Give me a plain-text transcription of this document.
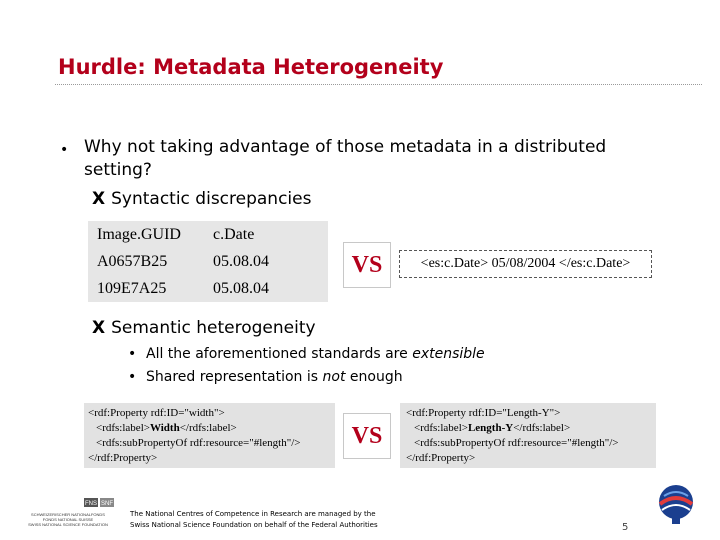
Hurdle: Metadata Heterogeneity
• Why not taking advantage of those metadata in a distributed setting?
X Syntactic discrepancies
Image.GUID	c.Date
A0657B25	05.08.04
109E7A25	05.08.04
VS	<es:c.Date> 05/08/2004 </es:c.Date>
X Semantic heterogeneity
• All the aforementioned standards are extensible
• Shared representation is not enough
<rdf:Property rdf:ID="width">
<rdfs:label>Width</rdfs:label>
<rdfs:subPropertyOf rdf:resource="#length"/>
</rdf:Property>
VS
<rdf:Property rdf:ID="Length-Y">
<rdfs:label>Length-Y</rdfs:label>
<rdfs:subPropertyOf rdf:resource="#length"/>
</rdf:Property>
FNS SNF
SCHWEIZERISCHER NATIONALFONDS
FONDS NATIONAL SUISSE
SWISS NATIONAL SCIENCE FOUNDATION
The National Centres of Competence in Research are managed by the Swiss National Science Foundation on behalf of the Federal Authorities	5
